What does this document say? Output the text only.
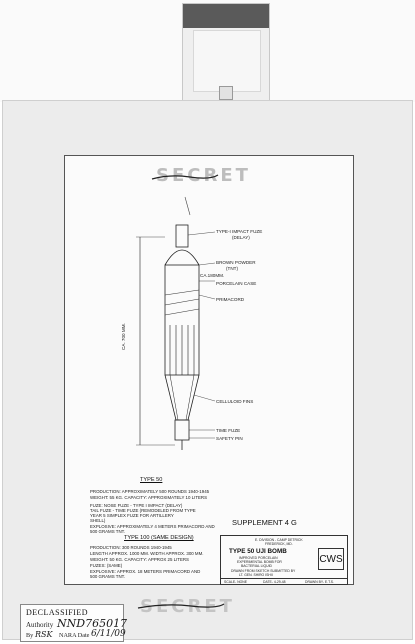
SECRET
TYPE-I IMPACT FUZE
(DELAY)
BROWN POWDER
(TNT)
CA.180MM.
PORCELAIN CASE
PRIMACORD
CA. 700 MM.
CELLULOID FINS
TIME FUZE
SAFETY PIN
TYPE 50
PRODUCTION: APPROXIMATELY 500 ROUNDS 1940-1945
WEIGHT: 55 KG. CAPACITY: APPROXIMATELY 10 LITERS
FUZE: NOSE FUZE - TYPE I IMPACT (DELAY)
TAIL FUZE - TIME FUZE (REMODELED FROM TYPE
YEAR 5 SIMPLEX FUZE FOR ARTILLERY
SHELL)
EXPLOSIVE: APPROXIMATELY 4 METERS PRIMACORD AND
500 GRAMS TNT.
TYPE 100 (SAME DESIGN)
PRODUCTION: 300 ROUNDS 1940-1945
LENGTH APPROX. 1000 MM. WIDTH APPROX. 300 MM.
WEIGHT: 50 KG. CAPACITY: APPROX 25 LITERS
FUZES: (SAME)
EXPLOSIVE: APPROX. 18 METERS PRIMACORD AND
500 GRAMS TNT.
SUPPLEMENT 4 G
E. DIVISION - CAMP DETRICK
FREDERICK, MD.
TYPE 50 UJI BOMB
IMPROVED PORCELAIN
EXPERIMENTAL BOMB FOR
BACTERIAL LIQUID
DRAWN FROM SKETCH SUBMITTED BY
LT. GEN. SHIRO ISHII
CWS
SCALE- NONE	DATE- 4-29-48	DRAWN BY- E.T.S.
SECRET
DECLASSIFIED
Authority NND765017
By RSK NARA Date 6/11/09
